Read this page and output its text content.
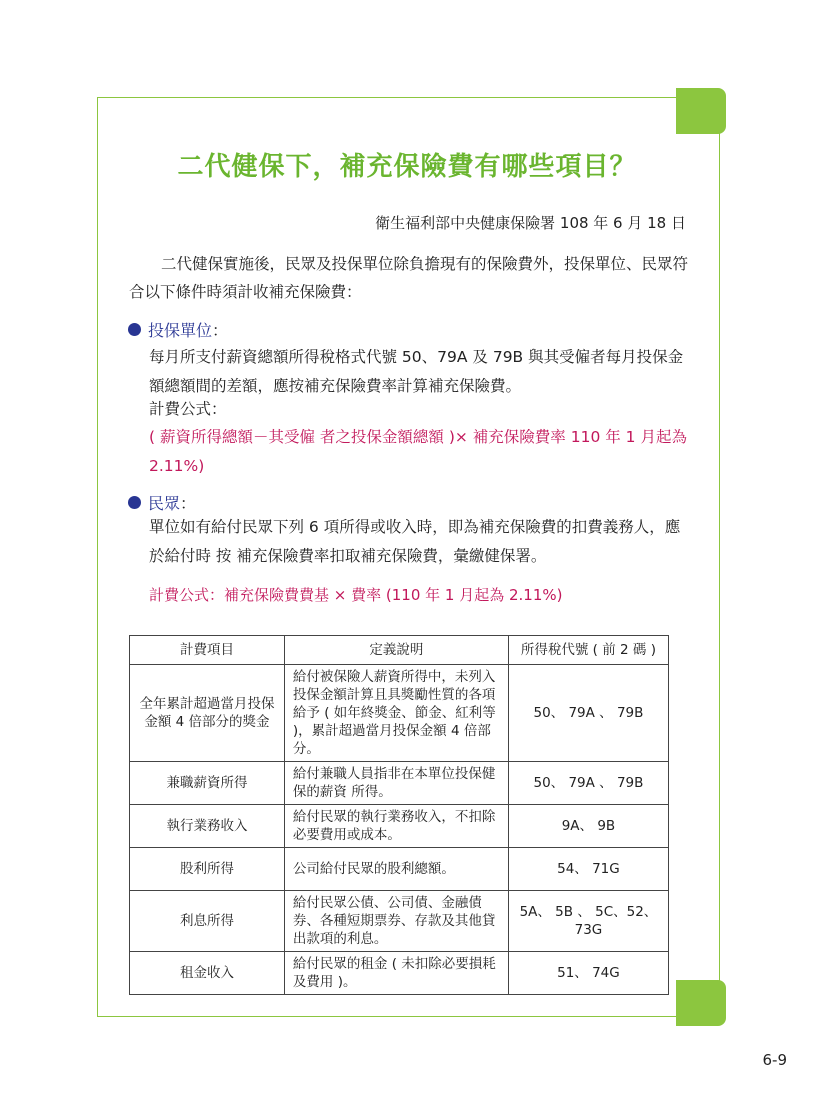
二代健保下，補充保險費有哪些項目？
衛生福利部中央健康保險署 108 年 6 月 18 日
二代健保實施後，民眾及投保單位除負擔現有的保險費外，投保單位、民眾符合以下條件時須計收補充保險費：
投保單位 ：
每月所支付薪資總額所得稅格式代號 50、79A 及 79B 與其受僱者每月投保金額總額間的差額，應按補充保險費率計算補充保險費。
計費公式：
( 薪資所得總額－其受僱 者之投保金額總額 )× 補充保險費率 110 年 1 月起為 2.11%)
民眾 ：
單位如有給付民眾下列 6 項所得或收入時，即為補充保險費的扣費義務人，應於給付時 按 補充保險費率扣取補充保險費，彙繳健保署。
計費公式：補充保險費費基 × 費率 (110 年 1 月起為 2.11%)
計費項目	定義說明	所得稅代號 ( 前 2 碼 )
全年累計超過當月投保金額 4 倍部分的獎金	給付被保險人薪資所得中，未列入投保金額計算且具獎勵性質的各項給予 ( 如年終獎金、節金、紅利等 )，累計超過當月投保金額 4 倍部分。	50、 79A 、 79B
兼職薪資所得	給付兼職人員指非在本單位投保健保的薪資 所得。	50、 79A 、 79B
執行業務收入	給付民眾的執行業務收入，不扣除必要費用或成本。	9A、 9B
股利所得	公司給付民眾的股利總額。	54、 71G
利息所得	給付民眾公債、公司債、金融債券、各種短期票券、存款及其他貸出款項的利息。	5A、 5B 、 5C、52、 73G
租金收入	給付民眾的租金 ( 未扣除必要損耗及費用 )。	51、 74G
6-9
